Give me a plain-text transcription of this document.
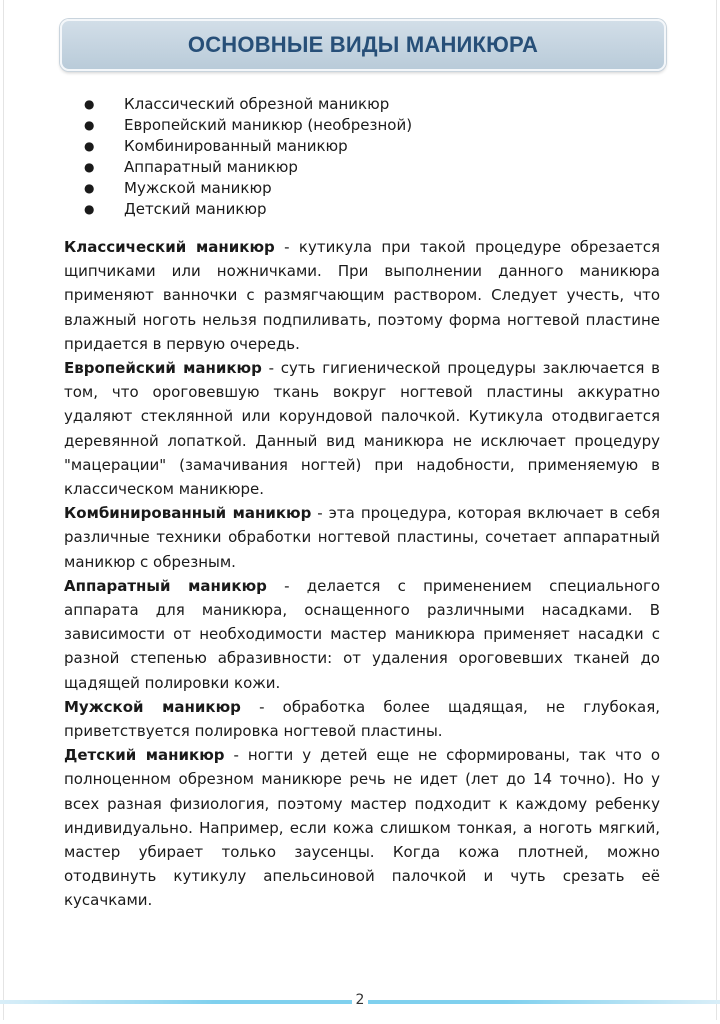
ОСНОВНЫЕ ВИДЫ МАНИКЮРА
●	Классический обрезной маникюр
●	Европейский маникюр (необрезной)
●	Комбинированный маникюр
●	Аппаратный маникюр
●	Мужской маникюр
●	Детский маникюр

Классический маникюр - кутикула при такой процедуре обрезается щипчиками или ножничками. При выполнении данного маникюра применяют ванночки с размягчающим раствором. Следует учесть, что влажный ноготь нельзя подпиливать, поэтому форма ногтевой пластине придается в первую очередь.

Европейский маникюр - суть гигиенической процедуры заключается в том, что ороговевшую ткань вокруг ногтевой пластины аккуратно удаляют стеклянной или корундовой палочкой. Кутикула отодвигается деревянной лопаткой. Данный вид маникюра не исключает процедуру "мацерации" (замачивания ногтей) при надобности, применяемую в классическом маникюре.

Комбинированный маникюр - эта процедура, которая включает в себя различные техники обработки ногтевой пластины, сочетает аппаратный маникюр с обрезным.

Аппаратный маникюр - делается с применением специального аппарата для маникюра, оснащенного различными насадками. В зависимости от необходимости мастер маникюра применяет насадки с разной степенью абразивности: от удаления ороговевших тканей до щадящей полировки кожи.

Мужской маникюр - обработка более щадящая, не глубокая, приветствуется полировка ногтевой пластины.

Детский маникюр - ногти у детей еще не сформированы, так что о полноценном обрезном маникюре речь не идет (лет до 14 точно). Но у всех разная физиология, поэтому мастер подходит к каждому ребенку индивидуально. Например, если кожа слишком тонкая, а ноготь мягкий, мастер убирает только заусенцы. Когда кожа плотней, можно отодвинуть кутикулу апельсиновой палочкой и чуть срезать её кусачками.

2
